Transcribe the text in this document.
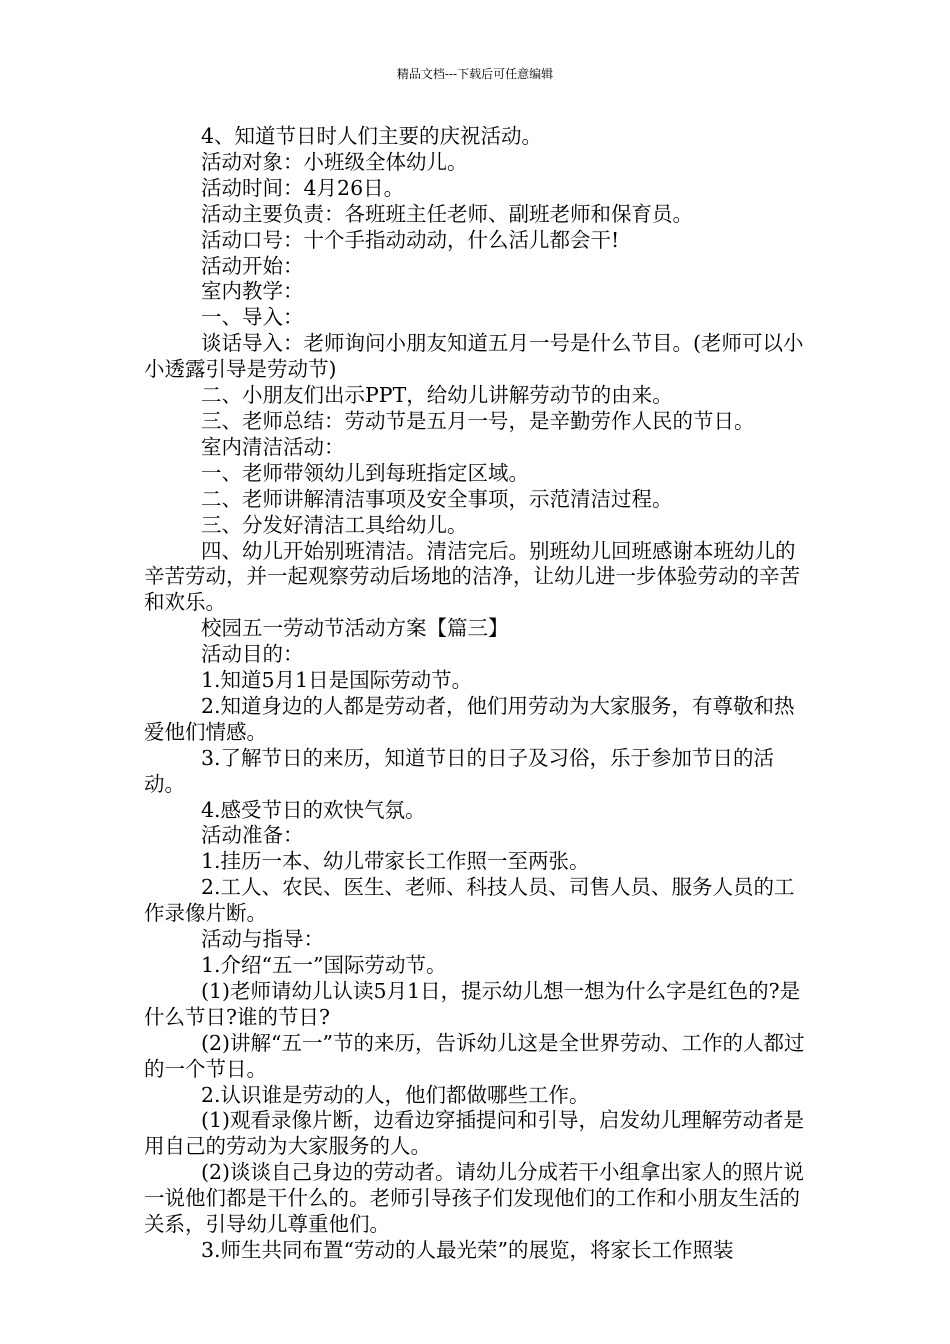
精品文档---下载后可任意编辑

4、知道节日时人们主要的庆祝活动。

活动对象：小班级全体幼儿。

活动时间：4月26日。

活动主要负责：各班班主任老师、副班老师和保育员。

活动口号：十个手指动动动，什么活儿都会干!

活动开始：

室内教学：

一、导入：

谈话导入：老师询问小朋友知道五月一号是什么节目。(老师可以小小透露引导是劳动节)

二、小朋友们出示PPT，给幼儿讲解劳动节的由来。

三、老师总结：劳动节是五月一号，是辛勤劳作人民的节日。

室内清洁活动：

一、老师带领幼儿到每班指定区域。

二、老师讲解清洁事项及安全事项，示范清洁过程。

三、分发好清洁工具给幼儿。

四、幼儿开始别班清洁。清洁完后。别班幼儿回班感谢本班幼儿的辛苦劳动，并一起观察劳动后场地的洁净，让幼儿进一步体验劳动的辛苦和欢乐。

校园五一劳动节活动方案【篇三】

活动目的：

1.知道5月1日是国际劳动节。

2.知道身边的人都是劳动者，他们用劳动为大家服务，有尊敬和热爱他们情感。

3.了解节日的来历，知道节日的日子及习俗，乐于参加节日的活动。

4.感受节日的欢快气氛。

活动准备：

1.挂历一本、幼儿带家长工作照一至两张。

2.工人、农民、医生、老师、科技人员、司售人员、服务人员的工作录像片断。

活动与指导：

1.介绍“五一”国际劳动节。

(1)老师请幼儿认读5月1日，提示幼儿想一想为什么字是红色的?是什么节日?谁的节日?

(2)讲解“五一”节的来历，告诉幼儿这是全世界劳动、工作的人都过的一个节日。

2.认识谁是劳动的人，他们都做哪些工作。

(1)观看录像片断，边看边穿插提问和引导，启发幼儿理解劳动者是用自己的劳动为大家服务的人。

(2)谈谈自己身边的劳动者。请幼儿分成若干小组拿出家人的照片说一说他们都是干什么的。老师引导孩子们发现他们的工作和小朋友生活的关系，引导幼儿尊重他们。

3.师生共同布置“劳动的人最光荣”的展览，将家长工作照装
